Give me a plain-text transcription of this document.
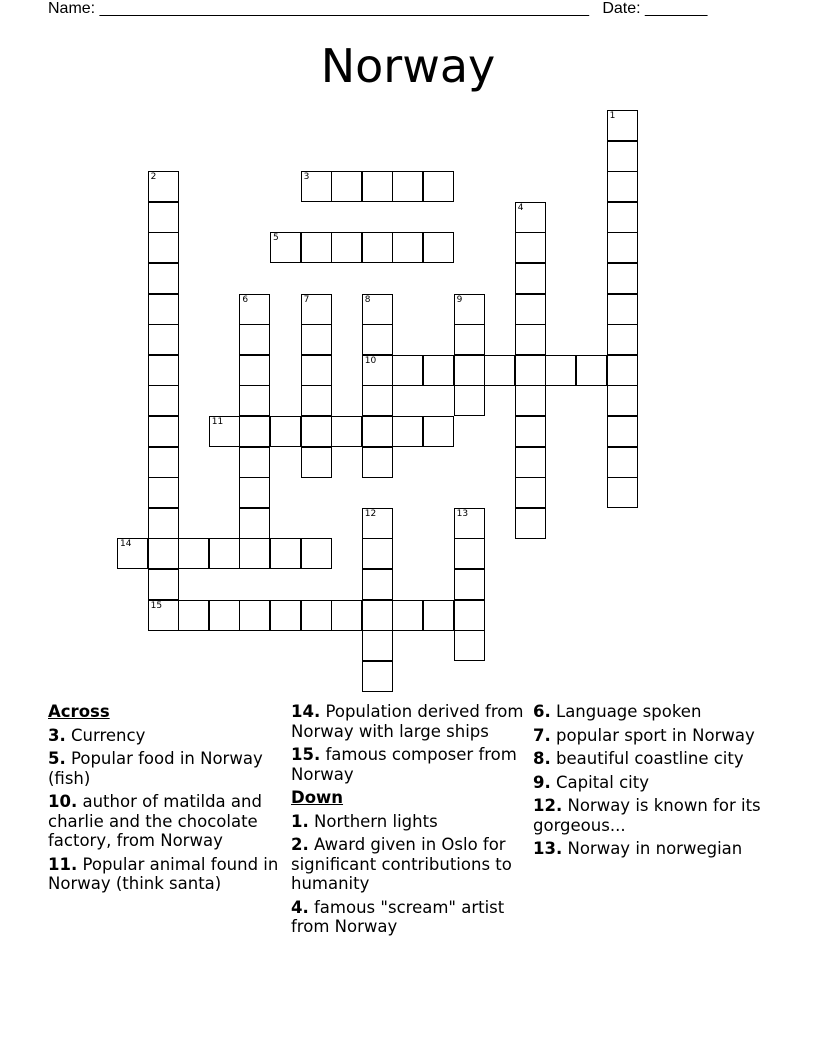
Name: _______________________________________________________ Date: _______
Norway
1
2
15
3
4
5
6	7	8
10
9
11
12	13
14
Across
3. Currency
5. Popular food in Norway (fish)
10. author of matilda and charlie and the chocolate factory, from Norway
11. Popular animal found in Norway (think santa)
14. Population derived from Norway with large ships
15. famous composer from Norway
Down
1. Northern lights
2. Award given in Oslo for significant contributions to humanity
4. famous "scream" artist from Norway
6. Language spoken
7. popular sport in Norway
8. beautiful coastline city
9. Capital city
12. Norway is known for its gorgeous...
13. Norway in norwegian
